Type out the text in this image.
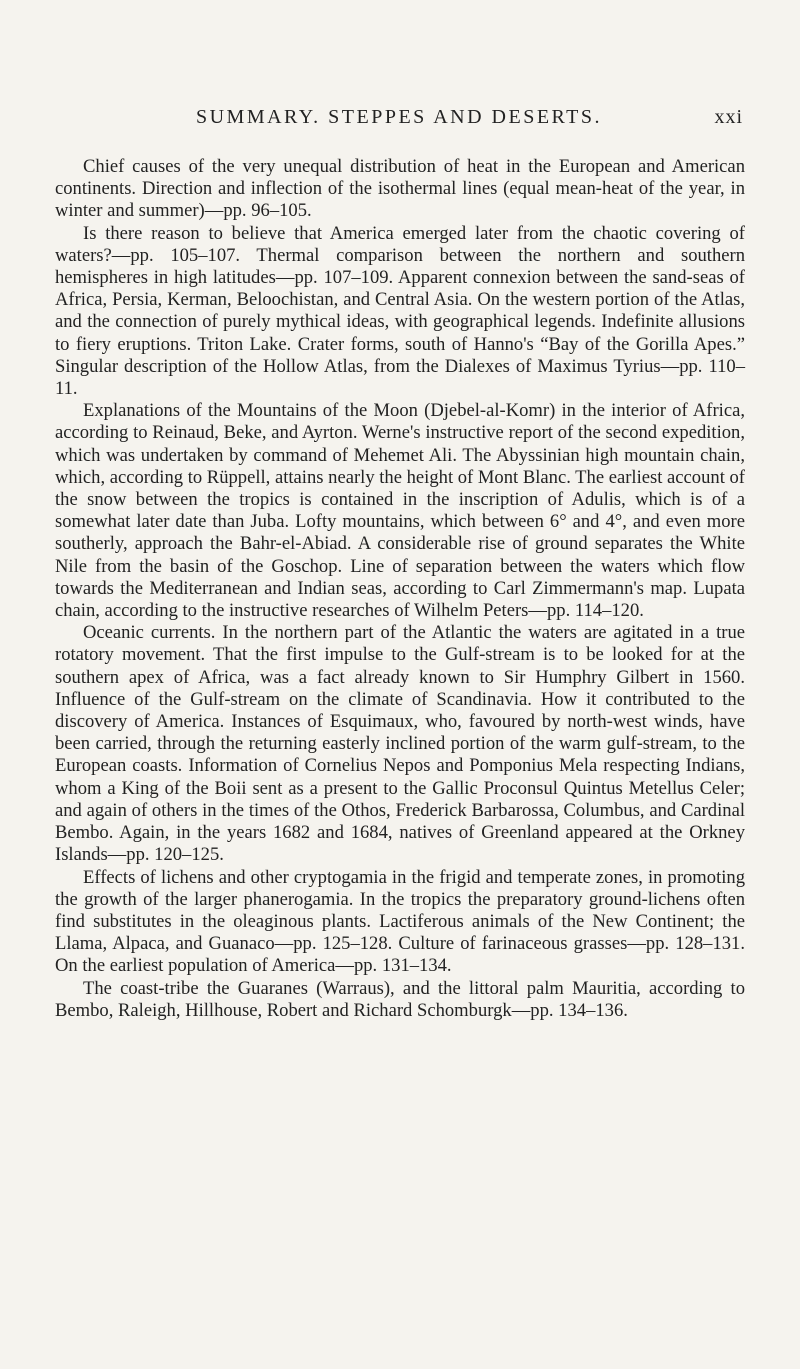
SUMMARY. STEPPES AND DESERTS.	xxi

Chief causes of the very unequal distribution of heat in the European and American continents. Direction and inflection of the isothermal lines (equal mean-heat of the year, in winter and summer)—pp. 96–105.

Is there reason to believe that America emerged later from the chaotic covering of waters?—pp. 105–107. Thermal comparison between the northern and southern hemispheres in high latitudes—pp. 107–109. Apparent connexion between the sand-seas of Africa, Persia, Kerman, Beloochistan, and Central Asia. On the western portion of the Atlas, and the connection of purely mythical ideas, with geographical legends. Indefinite allusions to fiery eruptions. Triton Lake. Crater forms, south of Hanno's “Bay of the Gorilla Apes.” Singular description of the Hollow Atlas, from the Dialexes of Maximus Tyrius—pp. 110–11.

Explanations of the Mountains of the Moon (Djebel-al-Komr) in the interior of Africa, according to Reinaud, Beke, and Ayrton. Werne's instructive report of the second expedition, which was undertaken by command of Mehemet Ali. The Abyssinian high mountain chain, which, according to Rüppell, attains nearly the height of Mont Blanc. The earliest account of the snow between the tropics is contained in the inscription of Adulis, which is of a somewhat later date than Juba. Lofty mountains, which between 6° and 4°, and even more southerly, approach the Bahr-el-Abiad. A considerable rise of ground separates the White Nile from the basin of the Goschop. Line of separation between the waters which flow towards the Mediterranean and Indian seas, according to Carl Zimmermann's map. Lupata chain, according to the instructive researches of Wilhelm Peters—pp. 114–120.

Oceanic currents. In the northern part of the Atlantic the waters are agitated in a true rotatory movement. That the first impulse to the Gulf-stream is to be looked for at the southern apex of Africa, was a fact already known to Sir Humphry Gilbert in 1560. Influence of the Gulf-stream on the climate of Scandinavia. How it contributed to the discovery of America. Instances of Esquimaux, who, favoured by north-west winds, have been carried, through the returning easterly inclined portion of the warm gulf-stream, to the European coasts. Information of Cornelius Nepos and Pomponius Mela respecting Indians, whom a King of the Boii sent as a present to the Gallic Proconsul Quintus Metellus Celer; and again of others in the times of the Othos, Frederick Barbarossa, Columbus, and Cardinal Bembo. Again, in the years 1682 and 1684, natives of Greenland appeared at the Orkney Islands—pp. 120–125.

Effects of lichens and other cryptogamia in the frigid and temperate zones, in promoting the growth of the larger phanerogamia. In the tropics the preparatory ground-lichens often find substitutes in the oleaginous plants. Lactiferous animals of the New Continent; the Llama, Alpaca, and Guanaco—pp. 125–128. Culture of farinaceous grasses—pp. 128–131. On the earliest population of America—pp. 131–134.

The coast-tribe the Guaranes (Warraus), and the littoral palm Mauritia, according to Bembo, Raleigh, Hillhouse, Robert and Richard Schomburgk—pp. 134–136.
